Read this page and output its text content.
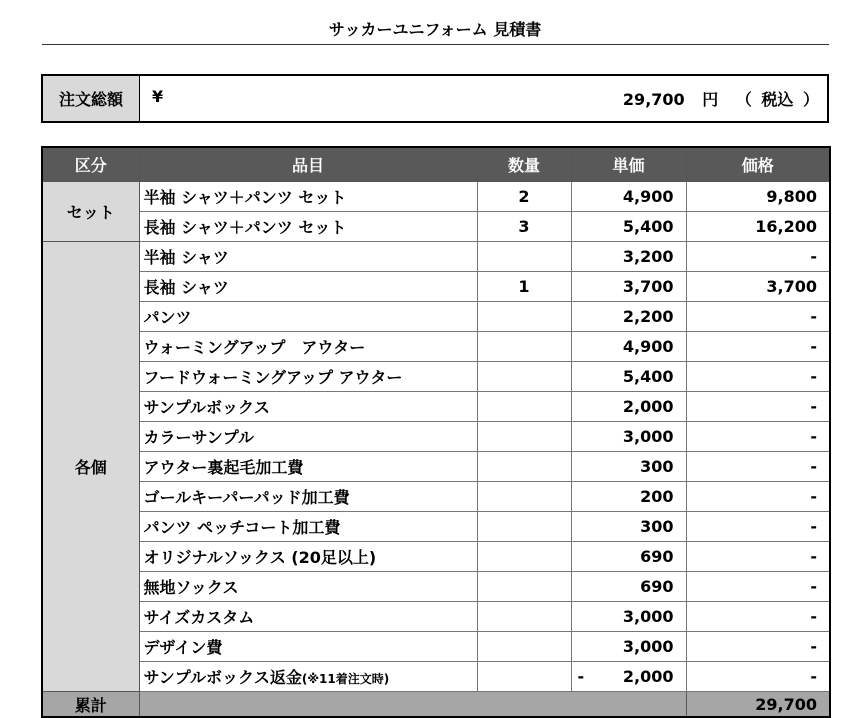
サッカーユニフォーム 見積書
注文総額	¥	29,700 円 （ 税込 ）
区分	品目	数量	単価	価格
セット	半袖 シャツ＋パンツ セット	2	4,900	9,800
	長袖 シャツ＋パンツ セット	3	5,400	16,200
各個	半袖 シャツ		3,200	-
	長袖 シャツ	1	3,700	3,700
	パンツ		2,200	-
	ウォーミングアップ　アウター		4,900	-
	フードウォーミングアップ アウター		5,400	-
	サンプルボックス		2,000	-
	カラーサンプル		3,000	-
	アウター裏起毛加工費		300	-
	ゴールキーパーパッド加工費		200	-
	パンツ ペッチコート加工費		300	-
	オリジナルソックス (20足以上)		690	-
	無地ソックス		690	-
	サイズカスタム		3,000	-
	デザイン費		3,000	-
	サンプルボックス返金(※11着注文時)		- 2,000	-
累計				29,700
